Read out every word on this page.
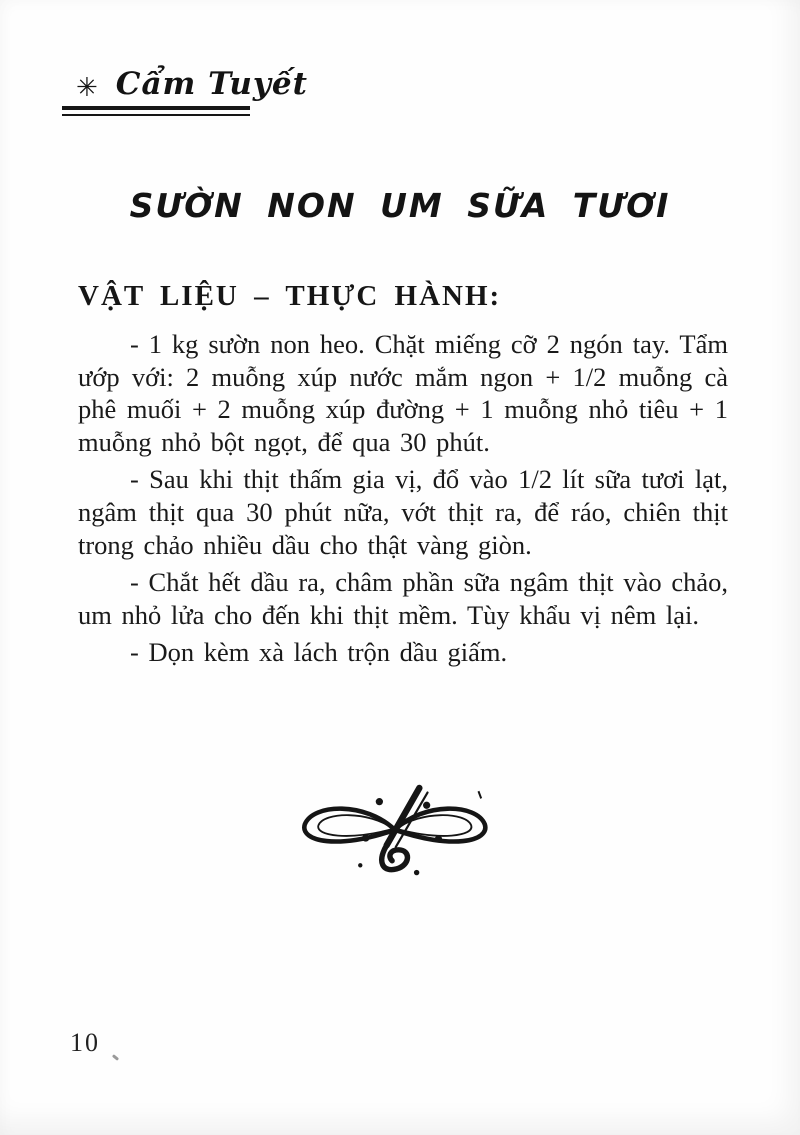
✳ Cẩm Tuyết
SƯỜN NON UM SỮA TƯƠI
VẬT LIỆU – THỰC HÀNH:

- 1 kg sườn non heo. Chặt miếng cỡ 2 ngón tay. Tẩm ướp với: 2 muỗng xúp nước mắm ngon + 1/2 muỗng cà phê muối + 2 muỗng xúp đường + 1 muỗng nhỏ tiêu + 1 muỗng nhỏ bột ngọt, để qua 30 phút.

- Sau khi thịt thấm gia vị, đổ vào 1/2 lít sữa tươi lạt, ngâm thịt qua 30 phút nữa, vớt thịt ra, để ráo, chiên thịt trong chảo nhiều dầu cho thật vàng giòn.

- Chắt hết dầu ra, châm phần sữa ngâm thịt vào chảo, um nhỏ lửa cho đến khi thịt mềm. Tùy khẩu vị nêm lại.

- Dọn kèm xà lách trộn dầu giấm.

10
